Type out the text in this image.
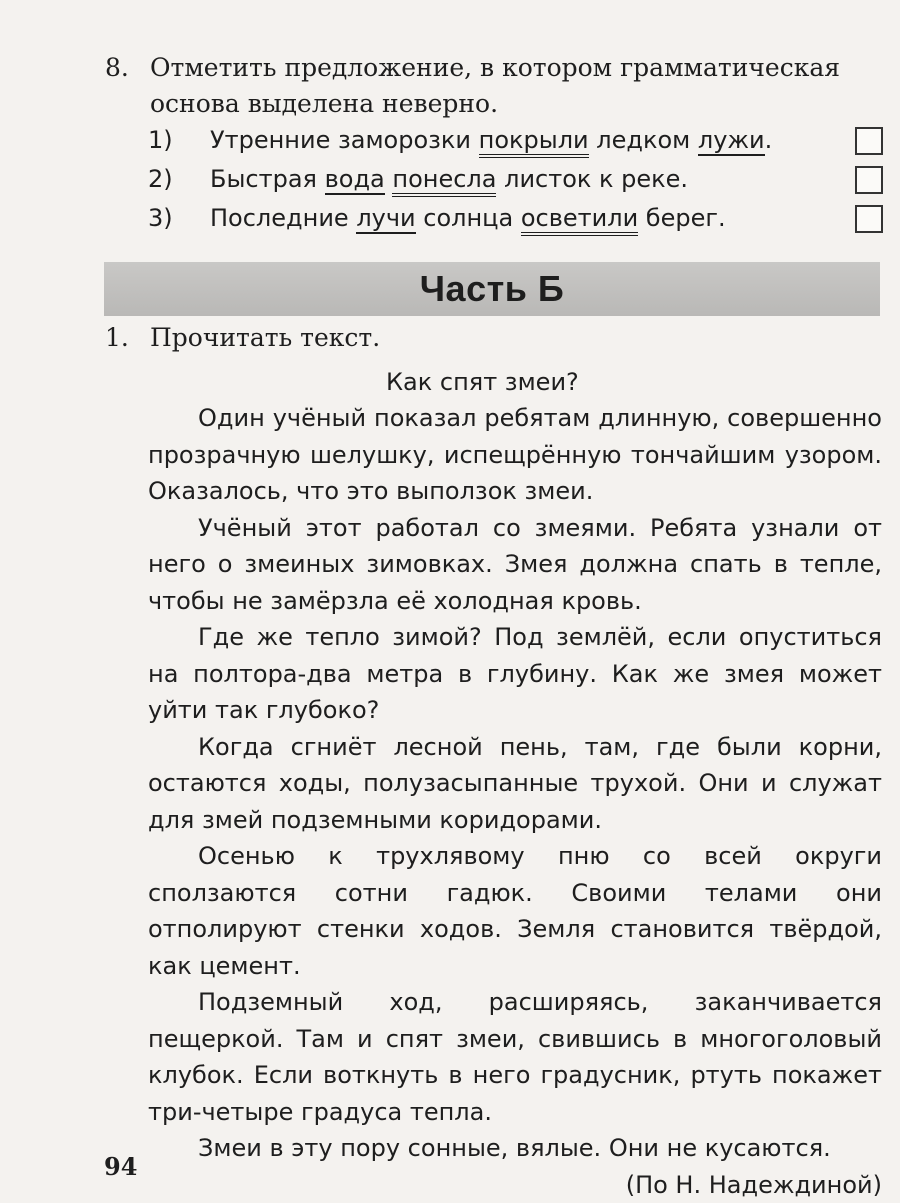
8. Отметить предложение, в котором грамматическая основа выделена неверно.
1) Утренние заморозки покрыли ледком лужи.
2) Быстрая вода понесла листок к реке.
3) Последние лучи солнца осветили берег.
Часть Б
1. Прочитать текст.
Как спят змеи?

Один учёный показал ребятам длинную, совершенно прозрачную шелушку, испещрённую тончайшим узором. Оказалось, что это выползок змеи.

Учёный этот работал со змеями. Ребята узнали от него о змеиных зимовках. Змея должна спать в тепле, чтобы не замёрзла её холодная кровь.

Где же тепло зимой? Под землёй, если опуститься на полтора-два метра в глубину. Как же змея может уйти так глубоко?

Когда сгниёт лесной пень, там, где были корни, остаются ходы, полузасыпанные трухой. Они и служат для змей подземными коридорами.

Осенью к трухлявому пню со всей округи сползаются сотни гадюк. Своими телами они отполируют стенки ходов. Земля становится твёрдой, как цемент.

Подземный ход, расширяясь, заканчивается пещеркой. Там и спят змеи, свившись в многоголовый клубок. Если воткнуть в него градусник, ртуть покажет три-четыре градуса тепла.

Змеи в эту пору сонные, вялые. Они не кусаются.

(По Н. Надеждиной)
94
